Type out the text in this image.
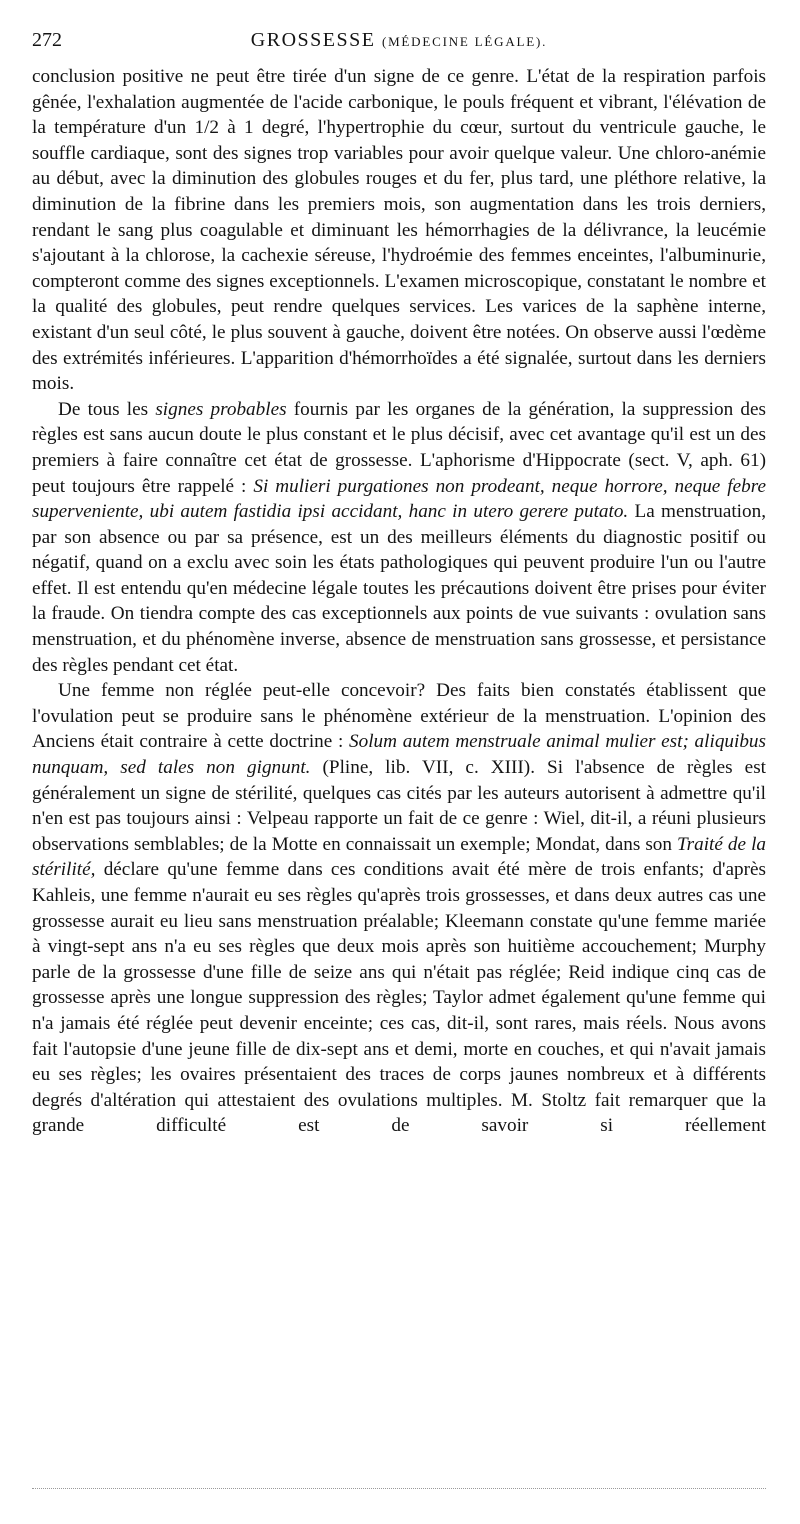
272	GROSSESSE (MÉDECINE LÉGALE).

conclusion positive ne peut être tirée d'un signe de ce genre. L'état de la respiration parfois gênée, l'exhalation augmentée de l'acide carbonique, le pouls fréquent et vibrant, l'élévation de la température d'un 1/2 à 1 degré, l'hypertrophie du cœur, surtout du ventricule gauche, le souffle cardiaque, sont des signes trop variables pour avoir quelque valeur. Une chloro-anémie au début, avec la diminution des globules rouges et du fer, plus tard, une pléthore relative, la diminution de la fibrine dans les premiers mois, son augmentation dans les trois derniers, rendant le sang plus coagulable et diminuant les hémorrhagies de la délivrance, la leucémie s'ajoutant à la chlorose, la cachexie séreuse, l'hydroémie des femmes enceintes, l'albuminurie, compteront comme des signes exceptionnels. L'examen microscopique, constatant le nombre et la qualité des globules, peut rendre quelques services. Les varices de la saphène interne, existant d'un seul côté, le plus souvent à gauche, doivent être notées. On observe aussi l'œdème des extrémités inférieures. L'apparition d'hémorrhoïdes a été signalée, surtout dans les derniers mois.

De tous les signes probables fournis par les organes de la génération, la suppression des règles est sans aucun doute le plus constant et le plus décisif, avec cet avantage qu'il est un des premiers à faire connaître cet état de grossesse. L'aphorisme d'Hippocrate (sect. V, aph. 61) peut toujours être rappelé : Si mulieri purgationes non prodeant, neque horrore, neque febre superveniente, ubi autem fastidia ipsi accidant, hanc in utero gerere putato. La menstruation, par son absence ou par sa présence, est un des meilleurs éléments du diagnostic positif ou négatif, quand on a exclu avec soin les états pathologiques qui peuvent produire l'un ou l'autre effet. Il est entendu qu'en médecine légale toutes les précautions doivent être prises pour éviter la fraude. On tiendra compte des cas exceptionnels aux points de vue suivants : ovulation sans menstruation, et du phénomène inverse, absence de menstruation sans grossesse, et persistance des règles pendant cet état.

Une femme non réglée peut-elle concevoir? Des faits bien constatés établissent que l'ovulation peut se produire sans le phénomène extérieur de la menstruation. L'opinion des Anciens était contraire à cette doctrine : Solum autem menstruale animal mulier est; aliquibus nunquam, sed tales non gignunt. (Pline, lib. VII, c. XIII). Si l'absence de règles est généralement un signe de stérilité, quelques cas cités par les auteurs autorisent à admettre qu'il n'en est pas toujours ainsi : Velpeau rapporte un fait de ce genre : Wiel, dit-il, a réuni plusieurs observations semblables; de la Motte en connaissait un exemple; Mondat, dans son Traité de la stérilité, déclare qu'une femme dans ces conditions avait été mère de trois enfants; d'après Kahleis, une femme n'aurait eu ses règles qu'après trois grossesses, et dans deux autres cas une grossesse aurait eu lieu sans menstruation préalable; Kleemann constate qu'une femme mariée à vingt-sept ans n'a eu ses règles que deux mois après son huitième accouchement; Murphy parle de la grossesse d'une fille de seize ans qui n'était pas réglée; Reid indique cinq cas de grossesse après une longue suppression des règles; Taylor admet également qu'une femme qui n'a jamais été réglée peut devenir enceinte; ces cas, dit-il, sont rares, mais réels. Nous avons fait l'autopsie d'une jeune fille de dix-sept ans et demi, morte en couches, et qui n'avait jamais eu ses règles; les ovaires présentaient des traces de corps jaunes nombreux et à différents degrés d'altération qui attestaient des ovulations multiples. M. Stoltz fait remarquer que la grande difficulté est de savoir si réellement
